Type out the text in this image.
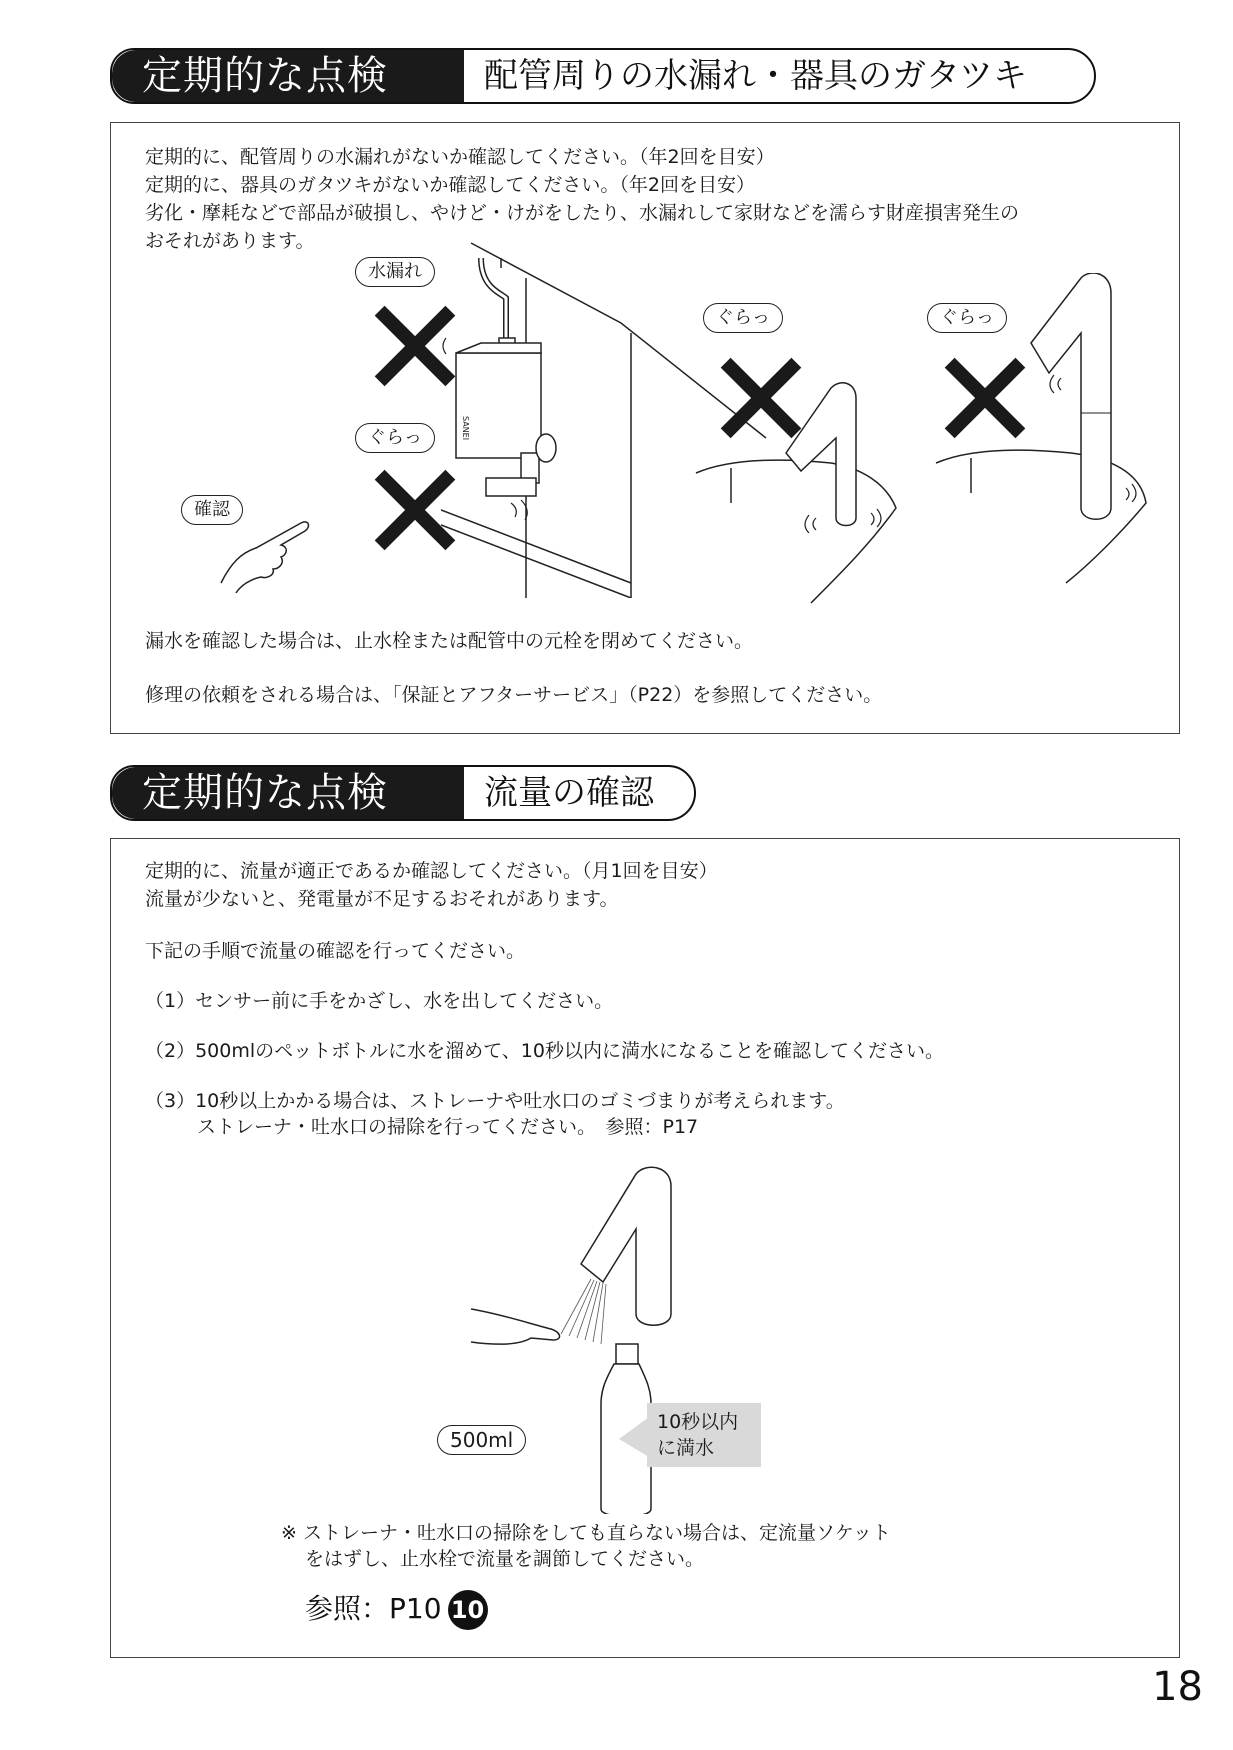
定期的な点検	配管周りの水漏れ・器具のガタツキ
定期的に、配管周りの水漏れがないか確認してください。（年2回を目安）
定期的に、器具のガタツキがないか確認してください。（年2回を目安）
劣化・摩耗などで部品が破損し、やけど・けがをしたり、水漏れして家財などを濡らす財産損害発生の
おそれがあります。
SANEI
水漏れ
ぐらっ
ぐらっ	ぐらっ
確認
漏水を確認した場合は、止水栓または配管中の元栓を閉めてください。
修理の依頼をされる場合は、「保証とアフターサービス」（P22）を参照してください。
定期的な点検	流量の確認
定期的に、流量が適正であるか確認してください。（月1回を目安）
流量が少ないと、発電量が不足するおそれがあります。
下記の手順で流量の確認を行ってください。
（1）センサー前に手をかざし、水を出してください。
（2）500mlのペットボトルに水を溜めて、10秒以内に満水になることを確認してください。
（3）10秒以上かかる場合は、ストレーナや吐水口のゴミづまりが考えられます。
ストレーナ・吐水口の掃除を行ってください。　参照：P17
500ml
10秒以内
に満水
※ ストレーナ・吐水口の掃除をしても直らない場合は、定流量ソケット
をはずし、止水栓で流量を調節してください。
参照：P10 10
18
